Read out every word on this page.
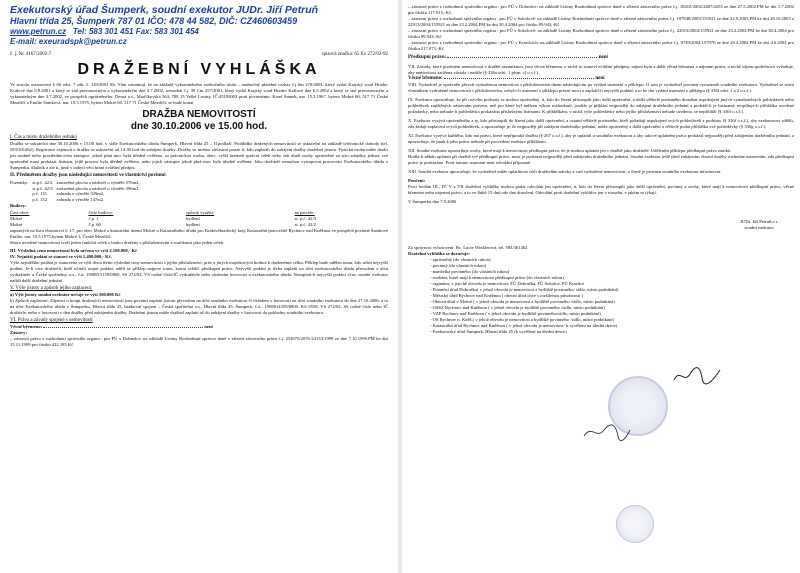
Exekutorský úřad Šumperk, soudní exekutor JUDr. Jiří Petruň
Hlavní třída 25, Šumperk 787 01 IČO: 478 44 582, DIČ: CZ460603459
www.petrun.cz Tel: 583 301 451 Fax: 583 301 454
E-mail: exeuradspk@petrun.cz
č. j. Nc 4167/2002-7	spisová značka: 65 Ex 272/02-92
DRAŽEBNÍ VYHLÁŠKA
Ve smyslu ustanovení § 66 odst. 7 zák. č. 120/2001 Sb. Vám oznamují, že na základě vykonatelného exekučního titulu – směnečný platební rozkaz č.j.Sm 270/2001, který vydal Krajský soud Hradec Králové dne 8.8.2001 a který se stal pravomocným a vykonatelným dne 3.7.2002, rozsudek č.j. 39 Cm 257/2001, který vydal Krajský soud Hradec Králové dne 6.5.2002 a který se stal pravomocným a vykonatelným dne 3.7.2002, ve prospěch oprávněného: Desná a.s., Marčíkovská 563, 788 15 Velké Losiny, IČ:45193002 proti povinnému: Karel Šamek, nar. 15.3.1967, bytem Mokré 60, 517 71 České Meziříčí a Emilie Šamková, nar. 10.5.1975, bytem Mokré 60, 517 71 České Meziříčí, se bude konat
DRAŽBA NEMOVITOSTÍ
dne 30.10.2006 ve 15.00 hod.
I. Čas a místo dražebního jednání
Dražba se uskuteční dne 30.10.2006 v 15.00 hod. v sídle Exekutorského úřadu Šumperk, Hlavní třída 25 – II.podlaží. Prohlídka dražených nemovitostí se uskuteční na základě telefonické dohody (tel. 583/301462). Registrace zájemců o dražbu se uskuteční od 14.30 hod do zahájení dražby. Dražby se mohou zúčastnit pouze ti, kdo zaplatili do zahájení dražby dražební jistotu. Fyzická osoba může dražit jen osobně nebo prostřednictvím zástupce, jehož plná moc byla úředně ověřena, za právnickou osobu, obec, vyšší územně správní celek nebo stát draží osoby oprávněné za tyto subjekty jednat, své oprávnění musí prokázat listinou, jejíž pravost byla úředně ověřena, nebo jejich zástupce jehož plná moc byla úředně ověřena. Jako dražitelé nemohou vystupovat pracovníci Exekutorského úřadu v Šumperku, dlužník a ale ti, jimž v nabytí věcí brání zvláštní předpis.
II. Předmětem dražby jsou následující nemovitosti ve vlastnictví povinné:
Pozemky:	st.p.č. 42/2	zastavěná plocha a nádvoří o výměře 576m2,
	st.p.č. 42/3	zastavěná plocha a nádvoří o výměře 396m2,
	p.č. 151	zahrada o výměře 329m2,
	p.č. 152	zahrada o výměře 147m2.
Budovy:
Část obce:	číslo budovy:	způsob využití:	na parcele:
Mokré	č.p. 1	bydlení	st. p.č. 42/3
Mokré	č.p. 60	bydlení	st. p.č. 42/2
zapsaných na listu vlastnictví č. 17, pro obec Mokré a katastrální území Mokré u Katastrálního úřadu pro Královéhradecký kraj, Katastrální pracoviště Rychnov nad Kněžnou ve prospěch povinné Šamkové Emilie, nar. 10.5.1975,bytem Mokré 1, České Meziříčí.
Shora uvedené nemovitosti tvoří jeden funkční celek a budou draženy s příslušenstvím a součástmi jako jeden celek.
III. Výsledná cena nemovitostí byla určena ve výši 2.100.000,- Kč
IV. Nejnižší podání se stanoví ve výši 1.400.000,- Kč.
Výše nejnižšího podání je stanovena ve výši dvou třetin výsledné ceny nemovitosti s jejího příslušenství, práv a jiných majetkových hodnot k draženému celku. Příklep bude udělen tomu, kdo učiní nejvyšší podání. Je-li více dražitelů, kteří učinili stejné podání, udělí se příklep nejprve tomu, komu svědčí předkupní právo. Nejvyšší podání je třeba zaplatit na účet exekutorského úřadu převodem z účtu vydražitele u České spořitelny, a.s., č.ú. 1908815139/0800, SS 272/02, VS rodné číslo/IČ vydražitele nebo složením hotovosti u exekutorského úřadu. Nezaplatí-li nejvyšší podání včas, soudní exekutor nařídí další dražební jednání.
V. Výše jistoty a způsob jejího zaplacení:
a) Výši jistoty soudní exekutor určuje ve výši 500.000 Kč
b) Způsob zaplacení: Zájemci o koupi dražených nemovitostí jsou povinni zaplatit jistotu převodem na účet soudního exekutora či vkladem v hotovosti na účet soudního exekutora do dne 27.10.2006, a to na účet Exekutorského úřadu v Šumperku, Hlavní třída 25, bankovní spojení – Česká spořitelna a.s., Hlavní třída 25, Šumperk, č.ú.: 1908814359/0800, KS 0558, VS 272/02, SS rodné číslo nebo IČ dražitele, nebo v hotovosti v den dražby před zahájením dražby. Dražební jistotu může dražitel zaplatit až do zahájení dražby v hotovosti do pokladny soudního exekutora.
VI. Práva a závady spojené s nemovitostí
Věcné břemeno:	není
Zástavy:
– zástavní právo z rozhodnutí správního orgánu : pro FÚ v Dobrušce: na základě Listiny Rozhodnutí správce daně o zřízení zástavního práva č.j. 254970/2076-24133/1999 ze dne 7.10.1999.PM ke dni 15.11.1999 pro částku 422.185 Kč
– zástavní právo z rozhodnutí správního orgánu : pro FÚ v Dobrušce: na základě Listiny Rozhodnutí správce daně o zřízení zástavního práva č.j. 18410/2002/2487/4253 ze dne 27.5.2002.PM ke dni 1.7.2002 pro částku 117.015,-Kč.
– zástavní právo z rozhodnutí správního orgánu : pro FÚ v Sokolově: na základě Listiny Rozhodnutí správce daně o zřízení zástavního práva č.j. 107948/2003/155921 ze dne 22.9.2003.PM ke dni 28.10.2003 a 22913/2004/155921 ze dne 23.2.2004.PM ke dni 30.4.2004 pro částku 89.943,-Kč
– zástavní právo z rozhodnutí správního orgánu : pro FÚ v Sokolově: na základě Listiny Rozhodnutí správce daně o zřízení zástavního práva č.j. 22913/2004/155921 ze dne 23.2.2004.PM ke dni 30.4.2004 pro částku 89.943,-Kč
– zástavní právo z rozhodnutí správního orgánu : pro FÚ v Kraslicích: na základě Listiny Rozhodnutí správce daně o zřízení zástavního práva č.j. 9749/2004/157970 ze dne 29.4.2004.PM ke dni 4.6.2004 pro částku 217.073,-Kč
Předkupní právo:	není
VII. Závady, které prodejem nemovitosti v dražbě nezaniknou, jsou věcná břemena, o nichž to stanoví zvláštní předpisy, nájem bytu a další věcná břemena a nájemní práva, u nichž zájem společnosti vyžaduje, aby nemovitost zatížena zůstala i nadále (§ 336a odst. 1 písm. c) o.s.ř.).
Věcné břemeno:	není
VIII. Vydražitel je oprávněn převzít vydraženou nemovitost s příslušenstvím dnem následujícím po vydání usnesení o příklepu. O tom je vydražitel povinen vyrozumět soudního exekutora. Vydražitel se stává vlastníkem vydražené nemovitosti s příslušenstvím, nebylo-li usnesení o příklepu právní moci a zaplatil-li nejvyšší podání, a to ke dni vydání usnesení o příklepu (§ 336l odst. 1 a 2 o.s.ř.).
IX. Exekutor upozorňuje, že při rozvrhu podstaty se mohou oprávněný, ti, kdo do řízení přistoupili jako další oprávnění, a další věřitelé povinného domáhat uspokojení jiných vymahatelných pohledávek nebo pohledávek zajištěných zástavním právem, než pro které byl nařízen výkon rozhodnutí, jestliže je přihlásí nejpozději do zahájení dražebního jednání a prokáží-li je listinami; nesplňuje-li přihláška uvedené požadavky, nebo nebude-li pohledávka prokázána příslušnými listinami. K přihláškám, v nichž výše pohledávky nebo jejího příslušenství nebude uvedena, se nepřihlíží (§ 336f o.s.ř.).
X. Exekutor vyzývá oprávněného a ty, kdo přistoupili do řízení jako další oprávnění, a ostatní věřitelé povinného, kteří požadují uspokojení svých pohledávek z podstaty (§ 336f o.s.ř.), aby exekutorovi sdělili, zda žádají zaplacení svých pohledávek, a upozorňuje je, že nejpozději při zahájení dražebního jednání, může oprávněný a další oprávnění a věřitelé podat přihlášku své pohledávky (§ 336g o.s.ř.).
XI. Exekutor vyzývá každého, kdo má právo, které nepřipouští dražbu (§ 267 o.s.ř.), aby je uplatnil u soudního exekutora a aby takové uplatnění práva prokázal nejpozději před zahájením dražebního jednání, a upozorňuje, že jinak k jeho právu nebude při provedení exekuce přihlíženo.
XII. Soudní exekutor upozorňuje osoby, které mají k nemovitosti předkupní právo, že je mohou uplatnit jen v dražbě jako dražitelé. Udělením příklepu předkupní právo zaniká.
Hodlá-li někdo uplatnit při dražbě své předkupní právo, musí je prokázat nejpozději před zahájením dražebního jednání. Soudní exekutor ještě před zahájením vlastní dražby rozhodne usnesením, zda předkupní právo je prokázáno. Proti tomuto usnesení není odvolání přípustné.
XIII. Soudní exekutor upozorňuje, že vydražitel může uplatňovat vůči dražitelům nároky z vad vydražené nemovitosti, o čemž je povinen soudního exekutora informovat.
Poučení:
Proti bodům III., IV, V a VII dražební vyhlášky mohou podat odvolání jen oprávnění, ti, kdo do řízení přistoupili jako další oprávnění, povinný a osoby, které mají k nemovitosti předkupní právo, věcné břemeno nebo nájemní právo, a to ve lhůtě 15 dnů ode dne doručení. Odvolání proti dražební vyhlášce jen v rozsahu, v jakém se týkají.
V Šumperku dne 7.9.2006
JUDr. Jiří Petruň,v.r.
soudní exekutor
Za správnost vyhotovení: Bc. Lucie Winklerová, tel. 583/301462
Dražební vyhláška se doručuje:
- oprávněný (do vlastních rukou)
- povinný (do vlastních rukou)
- manželka povinného (do vlastních rukou)
- osobám, které mají k nemovitosti předkupní právo (do vlastních rukou)
- orgánům, v jejichž obvodu je nemovitost: FÚ Dobruška, FÚ Sokolov, FÚ Kraslice
- Finanční úřad Dobruška( v jehož obvodu je nemovitost a bydliště povinného/ sídlo, místo podnikání)
- Městský úřad Rychnov nad Kněžnou ( obecní úřad obce s rozšířenou působností )
- Obecní úřad v Mokré ( v jehož obvodu je nemovitost a bydliště povinného /sídlo, místo podnikání)
- OSSZ Rychnov nad Kněžnou ( v jehož obvodu je bydliště povinného /sídlo, místo podnikání)
- VZP Rychnov nad Kněžnou ( v jehož obvodu je bydliště povinného/sídlo, místo podnikání)
- OS Rychnov n. Kněž.( v jehož obvodu je nemovitost a bydliště povinného /sídlo, místo podnikání)
- Katastrální úřad Rychnov nad Kněžnou ( v jehož obvodu je nemovitost- k vyvěšení na úřední desce)
- Exekutorský úřad Šumperk, Hlavní třída 25 (k vyvěšení na úřední desce)
